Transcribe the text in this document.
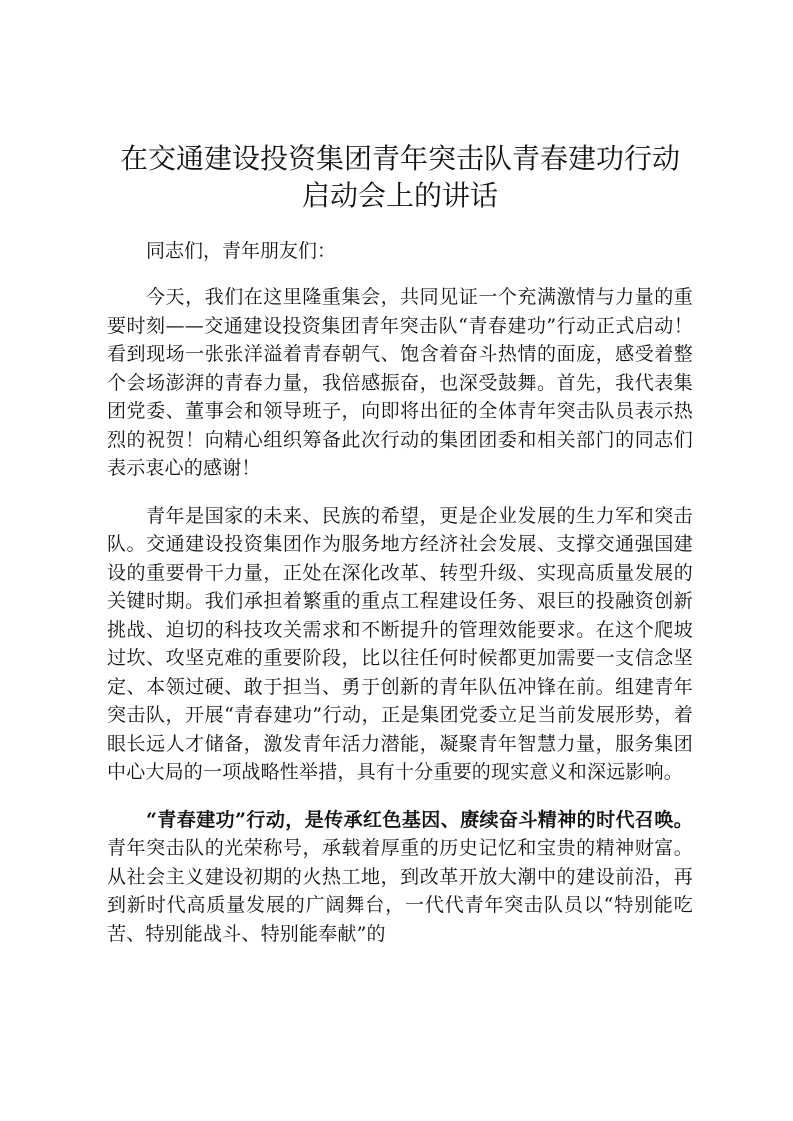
在交通建设投资集团青年突击队青春建功行动
启动会上的讲话

同志们，青年朋友们：

今天，我们在这里隆重集会，共同见证一个充满激情与力量的重要时刻——交通建设投资集团青年突击队“青春建功”行动正式启动！看到现场一张张洋溢着青春朝气、饱含着奋斗热情的面庞，感受着整个会场澎湃的青春力量，我倍感振奋，也深受鼓舞。首先，我代表集团党委、董事会和领导班子，向即将出征的全体青年突击队员表示热烈的祝贺！向精心组织筹备此次行动的集团团委和相关部门的同志们表示衷心的感谢！

青年是国家的未来、民族的希望，更是企业发展的生力军和突击队。交通建设投资集团作为服务地方经济社会发展、支撑交通强国建设的重要骨干力量，正处在深化改革、转型升级、实现高质量发展的关键时期。我们承担着繁重的重点工程建设任务、艰巨的投融资创新挑战、迫切的科技攻关需求和不断提升的管理效能要求。在这个爬坡过坎、攻坚克难的重要阶段，比以往任何时候都更加需要一支信念坚定、本领过硬、敢于担当、勇于创新的青年队伍冲锋在前。组建青年突击队，开展“青春建功”行动，正是集团党委立足当前发展形势，着眼长远人才储备，激发青年活力潜能，凝聚青年智慧力量，服务集团中心大局的一项战略性举措，具有十分重要的现实意义和深远影响。

“青春建功”行动，是传承红色基因、赓续奋斗精神的时代召唤。 青年突击队的光荣称号，承载着厚重的历史记忆和宝贵的精神财富。从社会主义建设初期的火热工地，到改革开放大潮中的建设前沿，再到新时代高质量发展的广阔舞台，一代代青年突击队员以“特别能吃苦、特别能战斗、特别能奉献”的
